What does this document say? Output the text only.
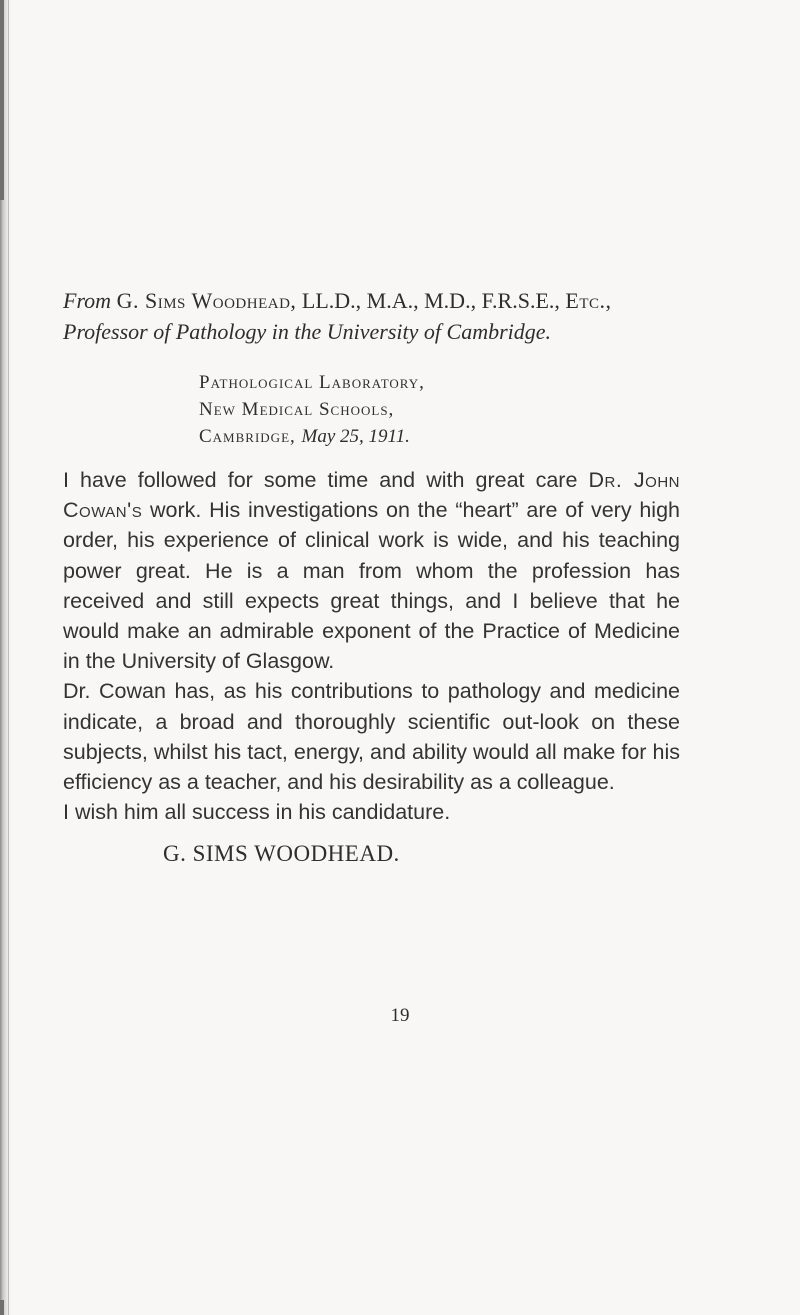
From G. Sims Woodhead, LL.D., M.A., M.D., F.R.S.E., Etc., Professor of Pathology in the University of Cambridge.

Pathological Laboratory,
New Medical Schools,
Cambridge, May 25, 1911.

I have followed for some time and with great care Dr. John Cowan's work. His investigations on the “heart” are of very high order, his experience of clinical work is wide, and his teaching power great. He is a man from whom the profession has received and still expects great things, and I believe that he would make an admirable exponent of the Practice of Medicine in the University of Glasgow.

Dr. Cowan has, as his contributions to pathology and medicine indicate, a broad and thoroughly scientific out-look on these subjects, whilst his tact, energy, and ability would all make for his efficiency as a teacher, and his desirability as a colleague.

I wish him all success in his candidature.

G. SIMS WOODHEAD.
19
